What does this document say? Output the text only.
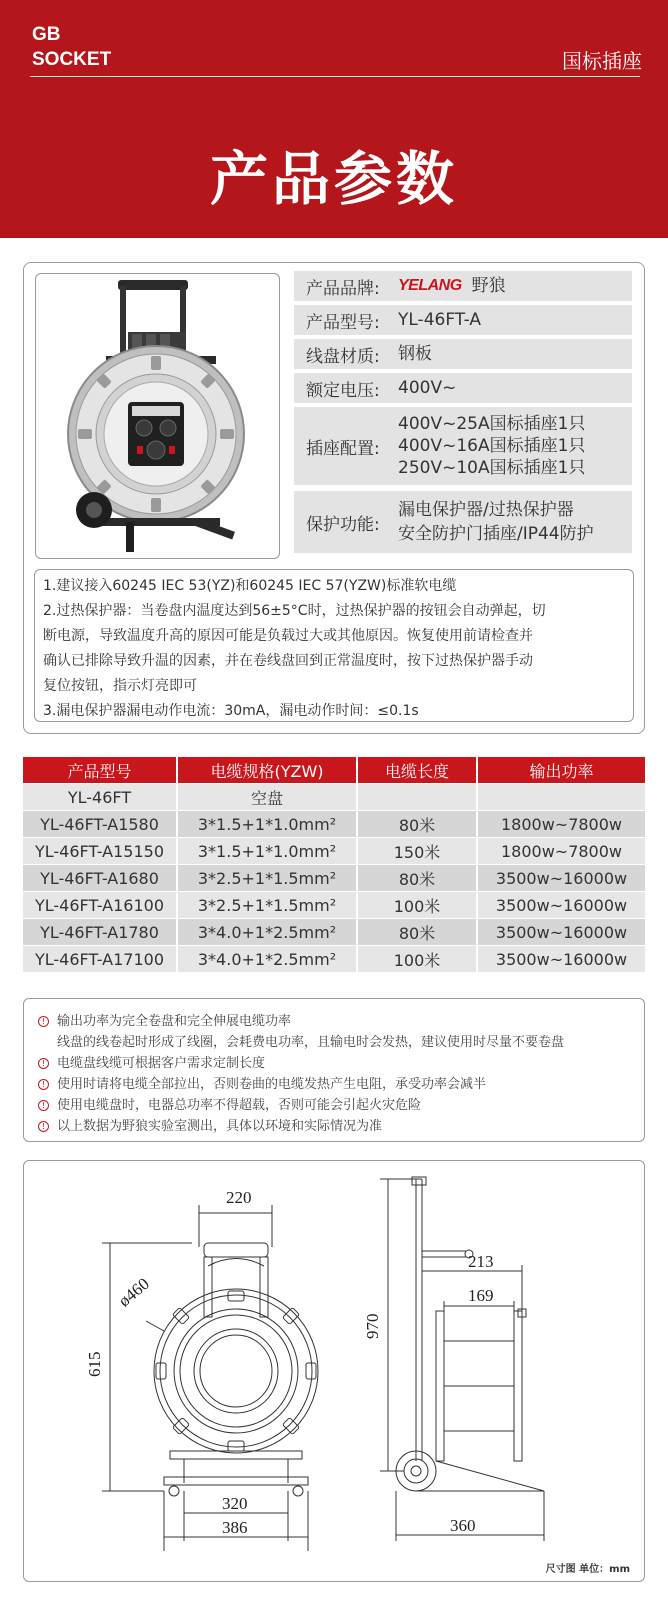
GB
SOCKET	国标插座
产品参数
产品品牌:	YELANG 野狼
产品型号:	YL-46FT-A
线盘材质:	钢板
额定电压:	400V~
插座配置:
400V~25A国标插座1只
400V~16A国标插座1只
250V~10A国标插座1只
保护功能:
漏电保护器/过热保护器
安全防护门插座/IP44防护
1.建议接入60245 IEC 53(YZ)和60245 IEC 57(YZW)标准软电缆
2.过热保护器：当卷盘内温度达到56±5°C时，过热保护器的按钮会自动弹起，切
断电源，导致温度升高的原因可能是负载过大或其他原因。恢复使用前请检查并
确认已排除导致升温的因素，并在卷线盘回到正常温度时，按下过热保护器手动
复位按钮，指示灯亮即可
3.漏电保护器漏电动作电流：30mA，漏电动作时间：≤0.1s
产品型号	电缆规格(YZW)	电缆长度	输出功率
YL-46FT	空盘		
YL-46FT-A1580	3*1.5+1*1.0mm²	80米	1800w~7800w
YL-46FT-A15150	3*1.5+1*1.0mm²	150米	1800w~7800w
YL-46FT-A1680	3*2.5+1*1.5mm²	80米	3500w~16000w
YL-46FT-A16100	3*2.5+1*1.5mm²	100米	3500w~16000w
YL-46FT-A1780	3*4.0+1*2.5mm²	80米	3500w~16000w
YL-46FT-A17100	3*4.0+1*2.5mm²	100米	3500w~16000w
! 输出功率为完全卷盘和完全伸展电缆功率
线盘的线卷起时形成了线圈，会耗费电功率，且输电时会发热，建议使用时尽量不要卷盘
! 电缆盘线缆可根据客户需求定制长度
! 使用时请将电缆全部拉出，否则卷曲的电缆发热产生电阻，承受功率会减半
! 使用电缆盘时，电器总功率不得超载，否则可能会引起火灾危险
! 以上数据为野狼实验室测出，具体以环境和实际情况为准
220
ø460
615
320
386
970
213
169
360
尺寸图 单位：mm
